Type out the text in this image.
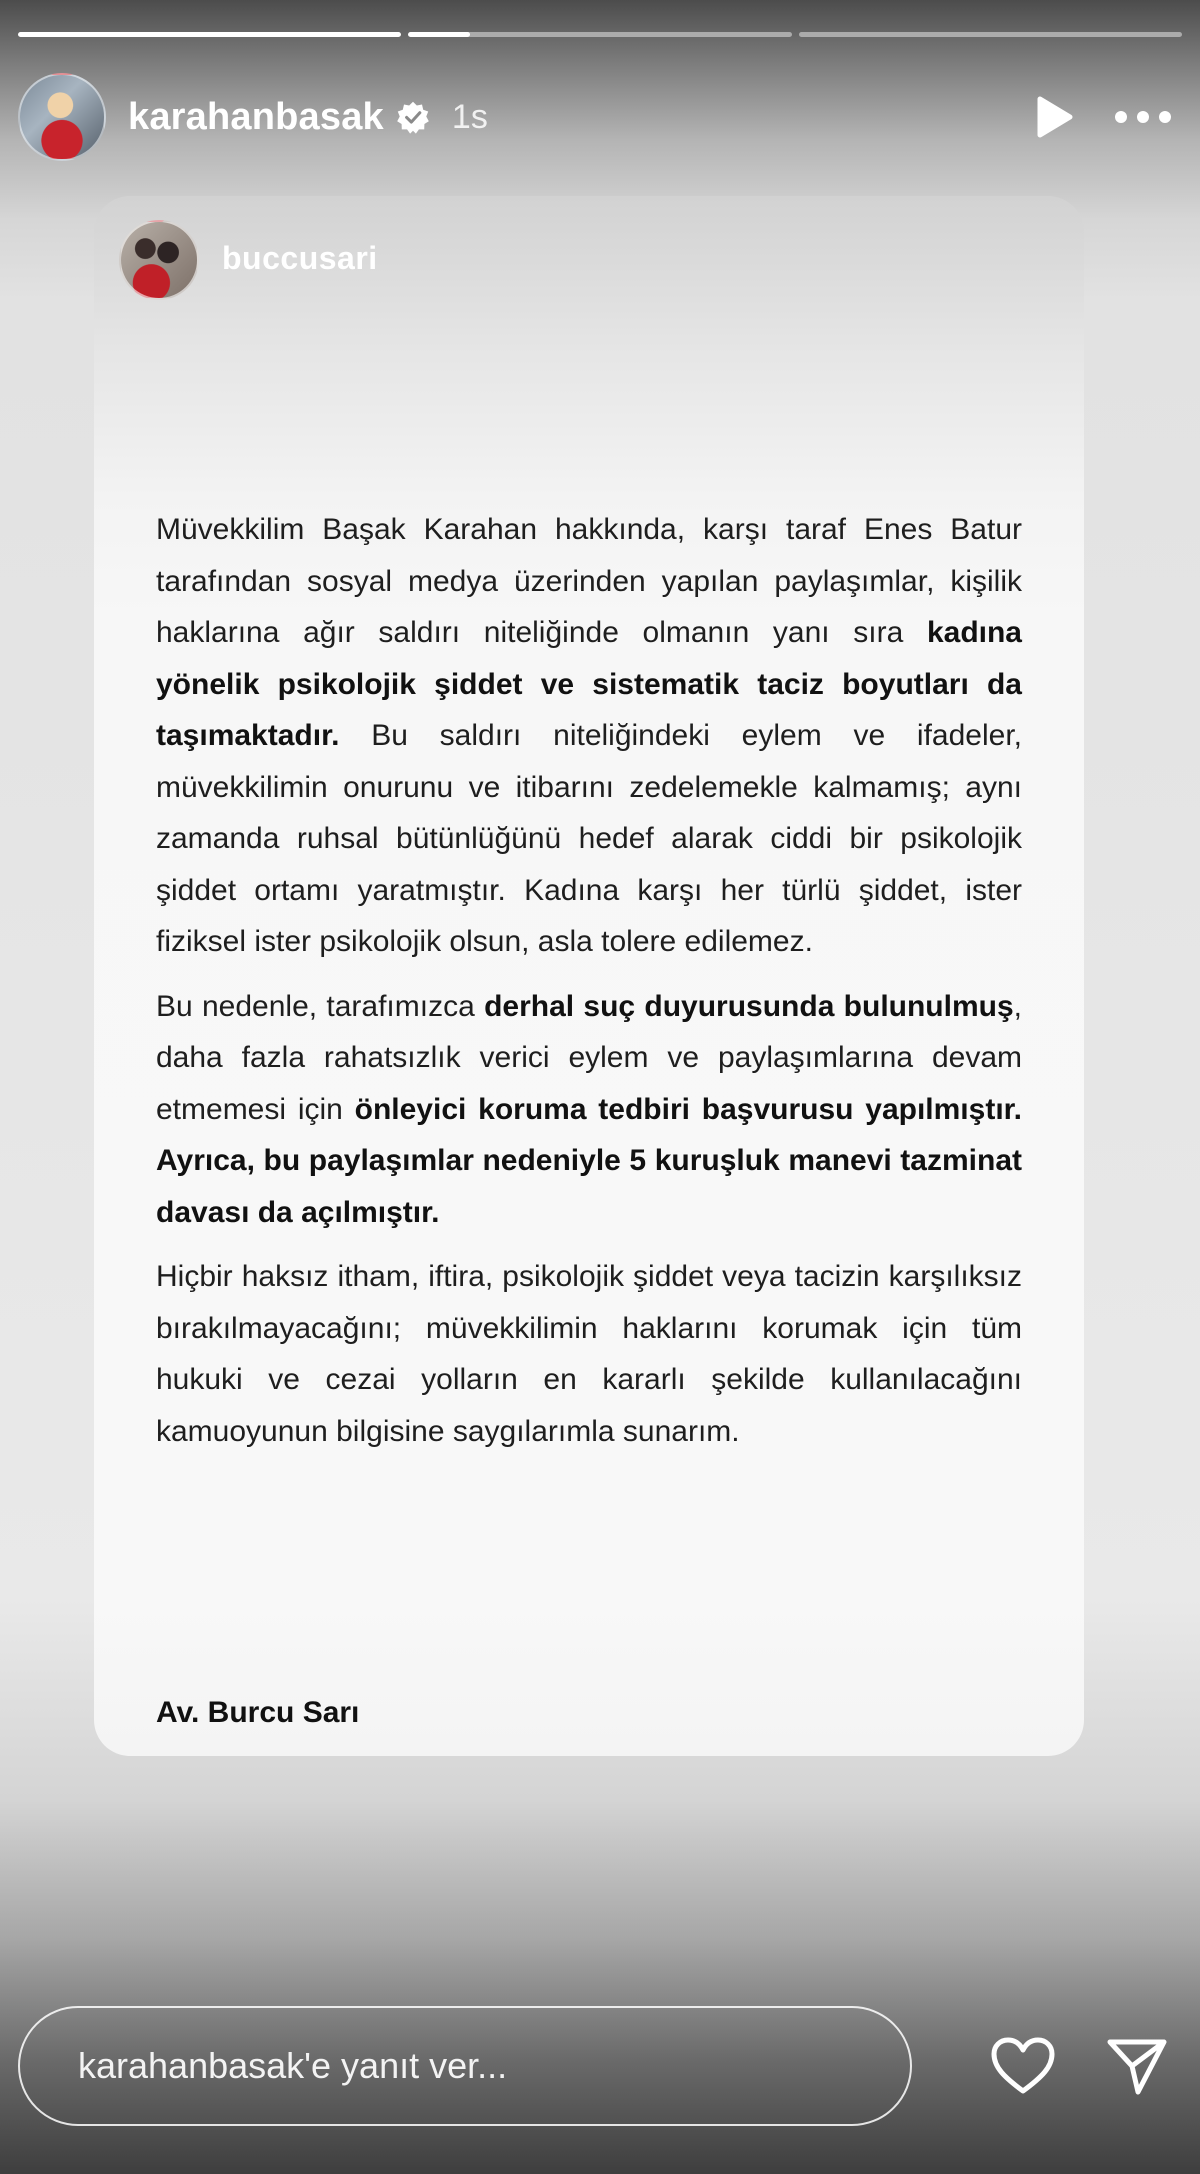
karahanbasak 1s
buccusari

Müvekkilim Başak Karahan hakkında, karşı taraf Enes Batur tarafından sosyal medya üzerinden yapılan paylaşımlar, kişilik haklarına ağır saldırı niteliğinde olmanın yanı sıra kadına yönelik psikolojik şiddet ve sistematik taciz boyutları da taşımaktadır. Bu saldırı niteliğindeki eylem ve ifadeler, müvekkilimin onurunu ve itibarını zedelemekle kalmamış; aynı zamanda ruhsal bütünlüğünü hedef alarak ciddi bir psikolojik şiddet ortamı yaratmıştır. Kadına karşı her türlü şiddet, ister fiziksel ister psikolojik olsun, asla tolere edilemez.

Bu nedenle, tarafımızca derhal suç duyurusunda bulunulmuş, daha fazla rahatsızlık verici eylem ve paylaşımlarına devam etmemesi için önleyici koruma tedbiri başvurusu yapılmıştır. Ayrıca, bu paylaşımlar nedeniyle 5 kuruşluk manevi tazminat davası da açılmıştır.

Hiçbir haksız itham, iftira, psikolojik şiddet veya tacizin karşılıksız bırakılmayacağını; müvekkilimin haklarını korumak için tüm hukuki ve cezai yolların en kararlı şekilde kullanılacağını kamuoyunun bilgisine saygılarımla sunarım.

Av. Burcu Sarı
karahanbasak'e yanıt ver...
